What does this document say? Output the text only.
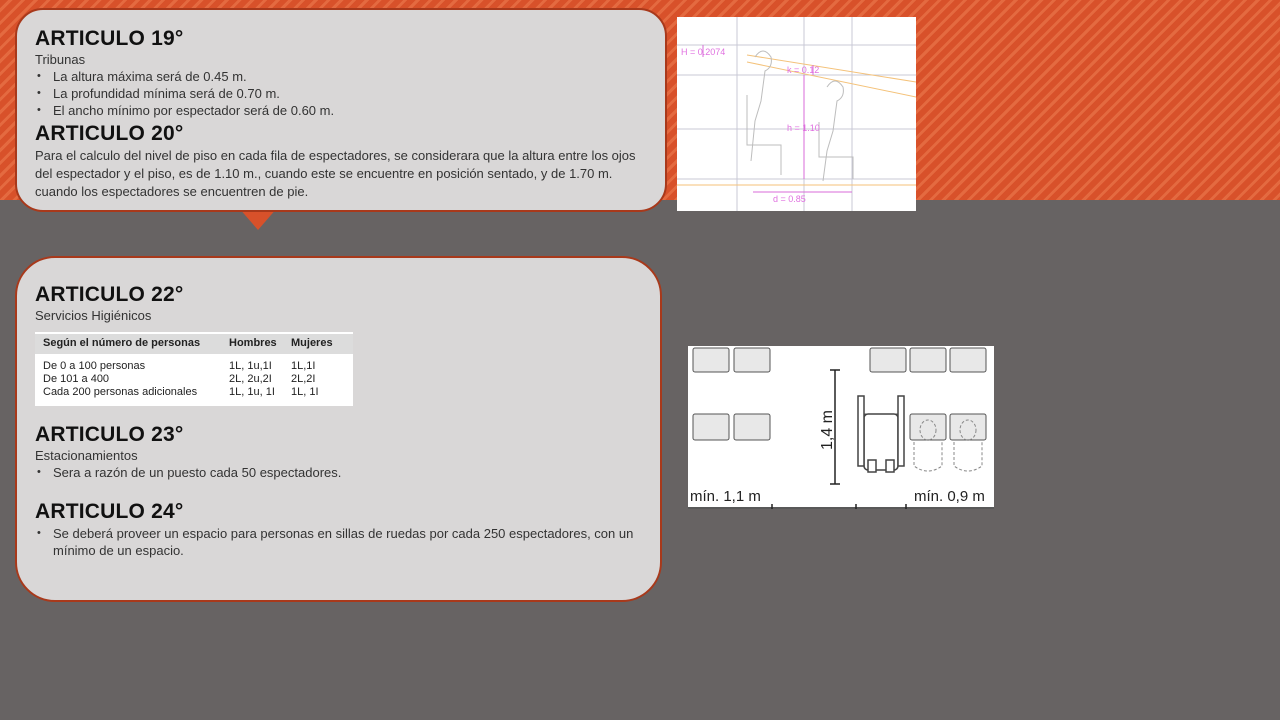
ARTICULO 19°

Tribunas

• La altura máxima será de 0.45 m.
• La profundidad mínima será de 0.70 m.
• El ancho mínimo por espectador será de 0.60 m.
ARTICULO 20°

Para el calculo del nivel de piso en cada fila de espectadores, se considerara que la altura entre los ojos del espectador y el piso, es de 1.10 m., cuando este se encuentre en posición sentado, y de 1.70 m. cuando los espectadores se encuentren de pie.

ARTICULO 22°

Servicios Higiénicos

Según el número de personas	Hombres	Mujeres
De 0 a 100 personas	1L, 1u,1I	1L,1I
De 101 a 400	2L, 2u,2I	2L,2I
Cada 200 personas adicionales	1L, 1u, 1I	1L, 1I
ARTICULO 23°

Estacionamientos

• Sera a razón de un puesto cada 50 espectadores.
ARTICULO 24°
• Se deberá proveer un espacio para personas en sillas de ruedas por cada 250 espectadores, con un mínimo de un espacio.
H = 0.2074
k = 0.12
h = 1.10
d = 0.85
1,4 m
mín. 1,1 m	mín. 0,9 m
